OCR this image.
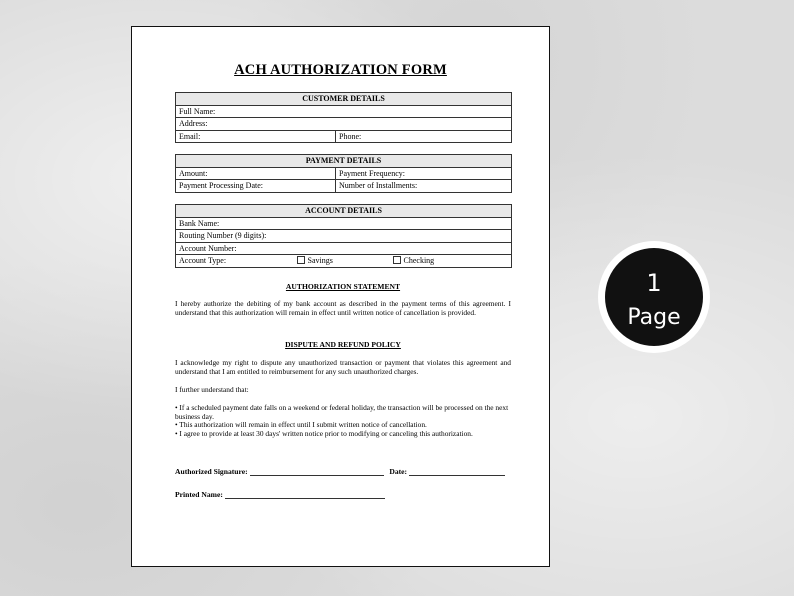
ACH AUTHORIZATION FORM
CUSTOMER DETAILS
Full Name:
Address:
Email:	Phone:
PAYMENT DETAILS	
Amount:	Payment Frequency:
Payment Processing Date:	Number of Installments:
ACCOUNT DETAILS
Bank Name:
Routing Number (9 digits):
Account Number:
Account Type:	Savings	Checking
AUTHORIZATION STATEMENT
I hereby authorize the debiting of my bank account as described in the payment terms of this agreement. I understand that this authorization will remain in effect until written notice of cancellation is provided.
DISPUTE AND REFUND POLICY
I acknowledge my right to dispute any unauthorized transaction or payment that violates this agreement and understand that I am entitled to reimbursement for any such unauthorized charges.
I further understand that:
• If a scheduled payment date falls on a weekend or federal holiday, the transaction will be processed on the next business day.
• This authorization will remain in effect until I submit written notice of cancellation.
• I agree to provide at least 30 days' written notice prior to modifying or canceling this authorization.
Authorized Signature:	Date:
Printed Name:
1
Page
